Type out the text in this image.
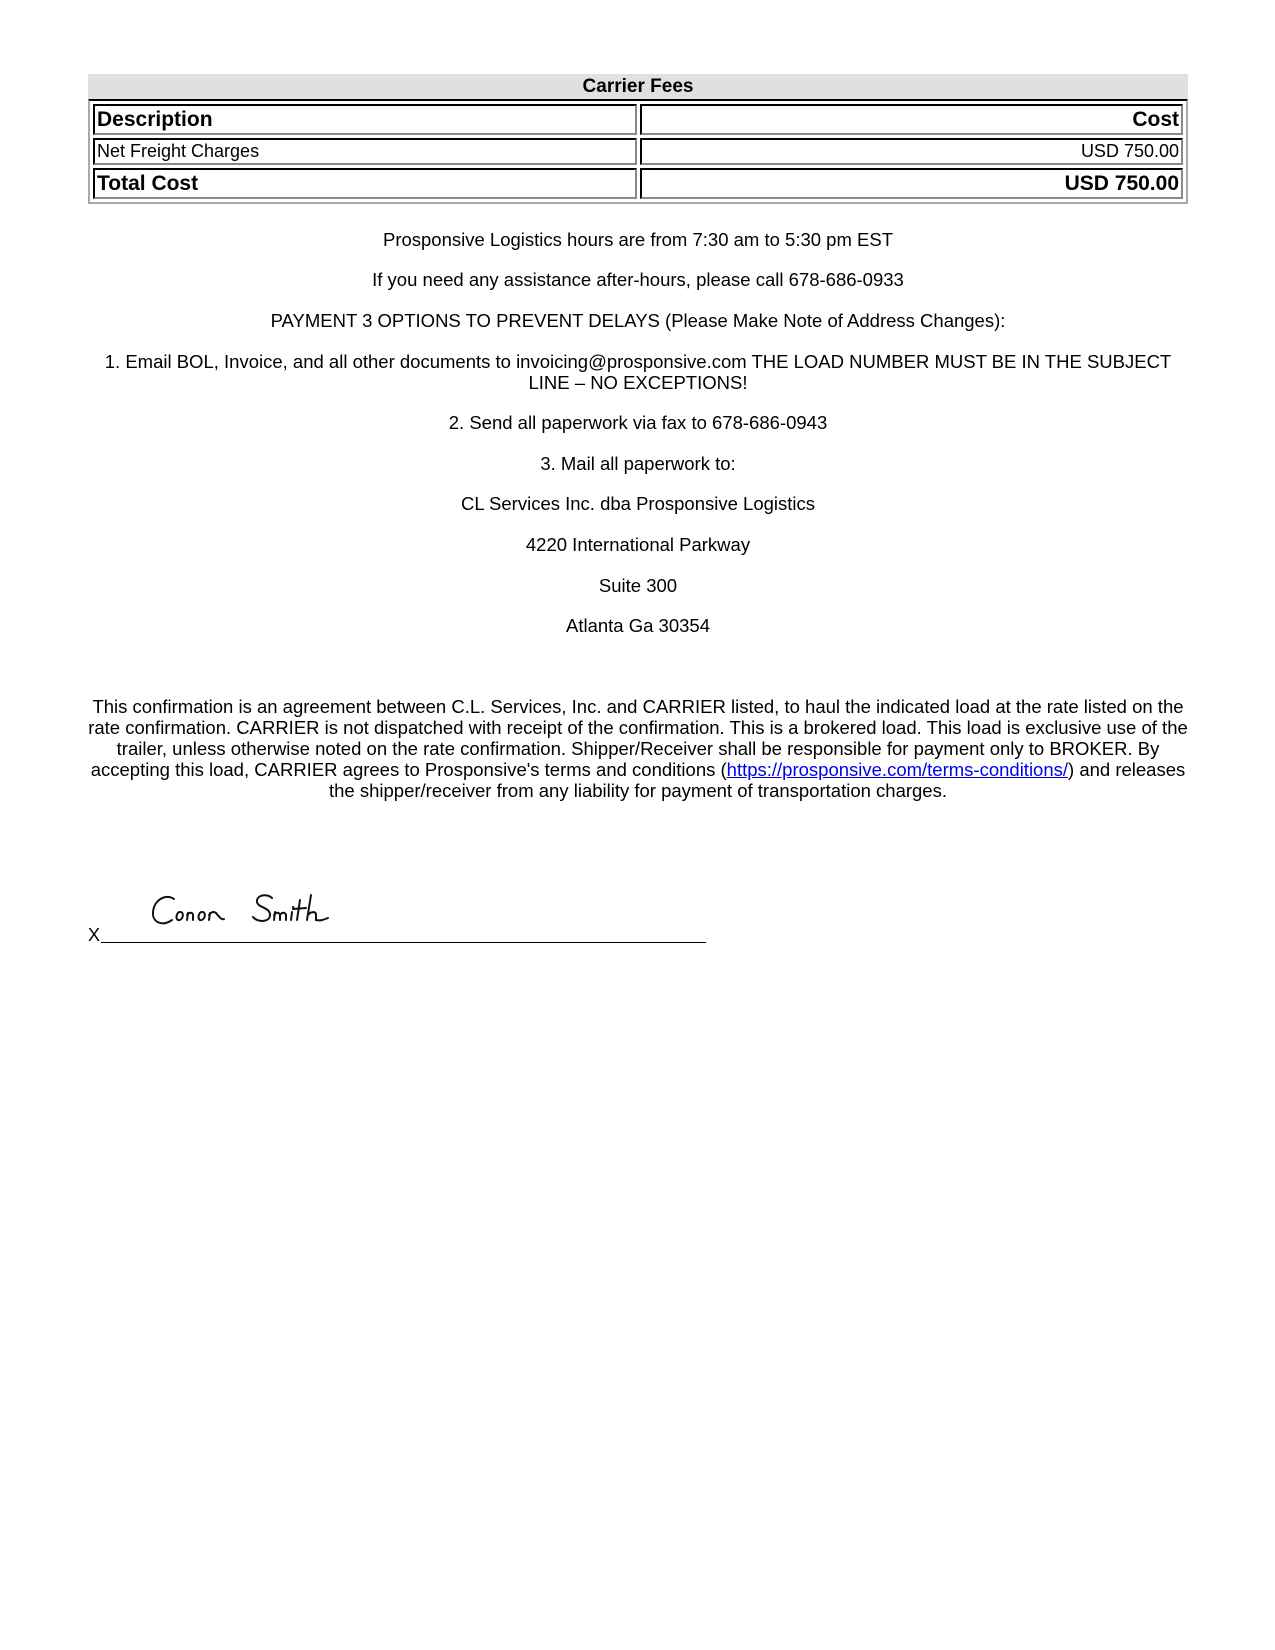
Carrier Fees
Description	Cost
Net Freight Charges	USD 750.00
Total Cost	USD 750.00

Prosponsive Logistics hours are from 7:30 am to 5:30 pm EST

If you need any assistance after-hours, please call 678-686-0933

PAYMENT 3 OPTIONS TO PREVENT DELAYS (Please Make Note of Address Changes):

1. Email BOL, Invoice, and all other documents to invoicing@prosponsive.com THE LOAD NUMBER MUST BE IN THE SUBJECT LINE – NO EXCEPTIONS!

2. Send all paperwork via fax to 678-686-0943

3. Mail all paperwork to:

CL Services Inc. dba Prosponsive Logistics

4220 International Parkway

Suite 300

Atlanta Ga 30354

This confirmation is an agreement between C.L. Services, Inc. and CARRIER listed, to haul the indicated load at the rate listed on the rate confirmation. CARRIER is not dispatched with receipt of the confirmation. This is a brokered load. This load is exclusive use of the trailer, unless otherwise noted on the rate confirmation. Shipper/Receiver shall be responsible for payment only to BROKER. By accepting this load, CARRIER agrees to Prosponsive's terms and conditions (https://prosponsive.com/terms-conditions/) and releases the shipper/receiver from any liability for payment of transportation charges.

X
